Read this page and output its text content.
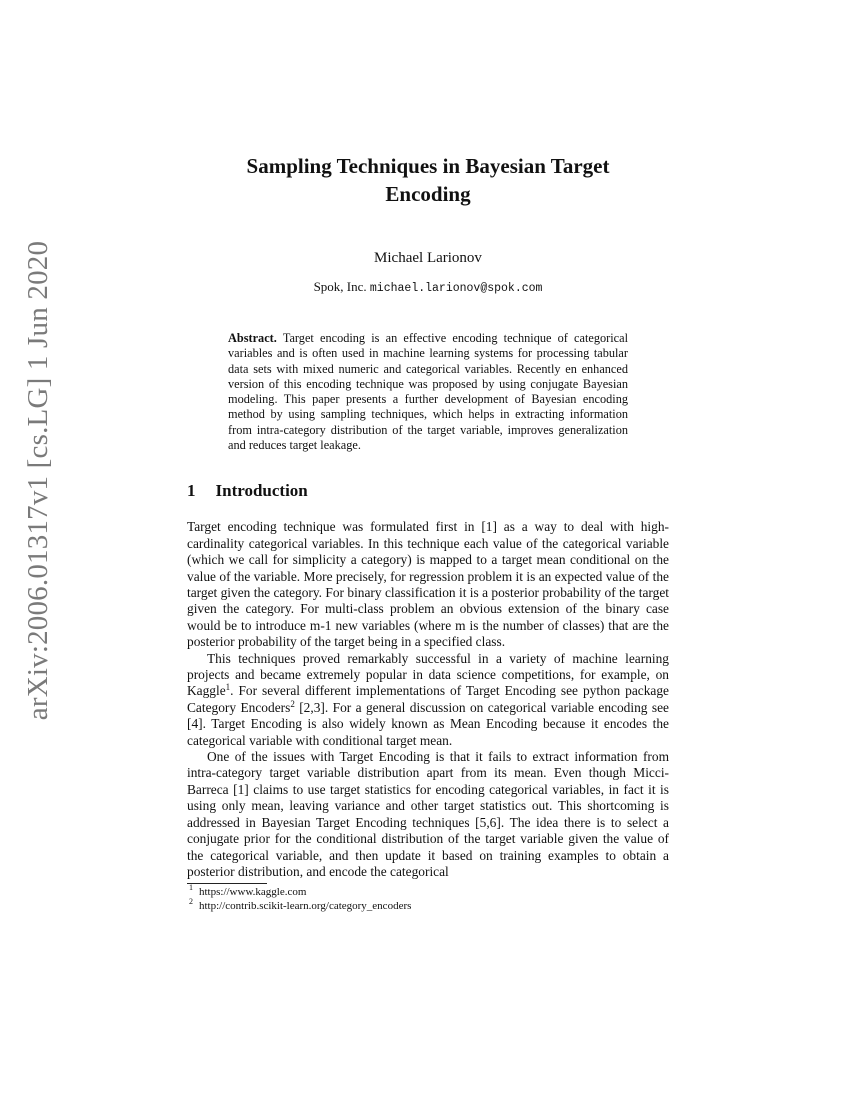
arXiv:2006.01317v1 [cs.LG] 1 Jun 2020
Sampling Techniques in Bayesian Target Encoding
Michael Larionov
Spok, Inc. michael.larionov@spok.com
Abstract. Target encoding is an effective encoding technique of categorical variables and is often used in machine learning systems for processing tabular data sets with mixed numeric and categorical variables. Recently en enhanced version of this encoding technique was proposed by using conjugate Bayesian modeling. This paper presents a further development of Bayesian encoding method by using sampling techniques, which helps in extracting information from intra-category distribution of the target variable, improves generalization and reduces target leakage.
1 Introduction

Target encoding technique was formulated first in [1] as a way to deal with high-cardinality categorical variables. In this technique each value of the categorical variable (which we call for simplicity a category) is mapped to a target mean conditional on the value of the variable. More precisely, for regression problem it is an expected value of the target given the category. For binary classification it is a posterior probability of the target given the category. For multi-class problem an obvious extension of the binary case would be to introduce m-1 new variables (where m is the number of classes) that are the posterior probability of the target being in a specified class.

This techniques proved remarkably successful in a variety of machine learning projects and became extremely popular in data science competitions, for example, on Kaggle$^1$. For several different implementations of Target Encoding see python package Category Encoders$^2$ [2,3]. For a general discussion on categorical variable encoding see [4]. Target Encoding is also widely known as Mean Encoding because it encodes the categorical variable with conditional target mean.

One of the issues with Target Encoding is that it fails to extract information from intra-category target variable distribution apart from its mean. Even though Micci-Barreca [1] claims to use target statistics for encoding categorical variables, in fact it is using only mean, leaving variance and other target statistics out. This shortcoming is addressed in Bayesian Target Encoding techniques [5,6]. The idea there is to select a conjugate prior for the conditional distribution of the target variable given the value of the categorical variable, and then update it based on training examples to obtain a posterior distribution, and encode the categorical

$^1$ https://www.kaggle.com
$^2$ http://contrib.scikit-learn.org/category_encoders
